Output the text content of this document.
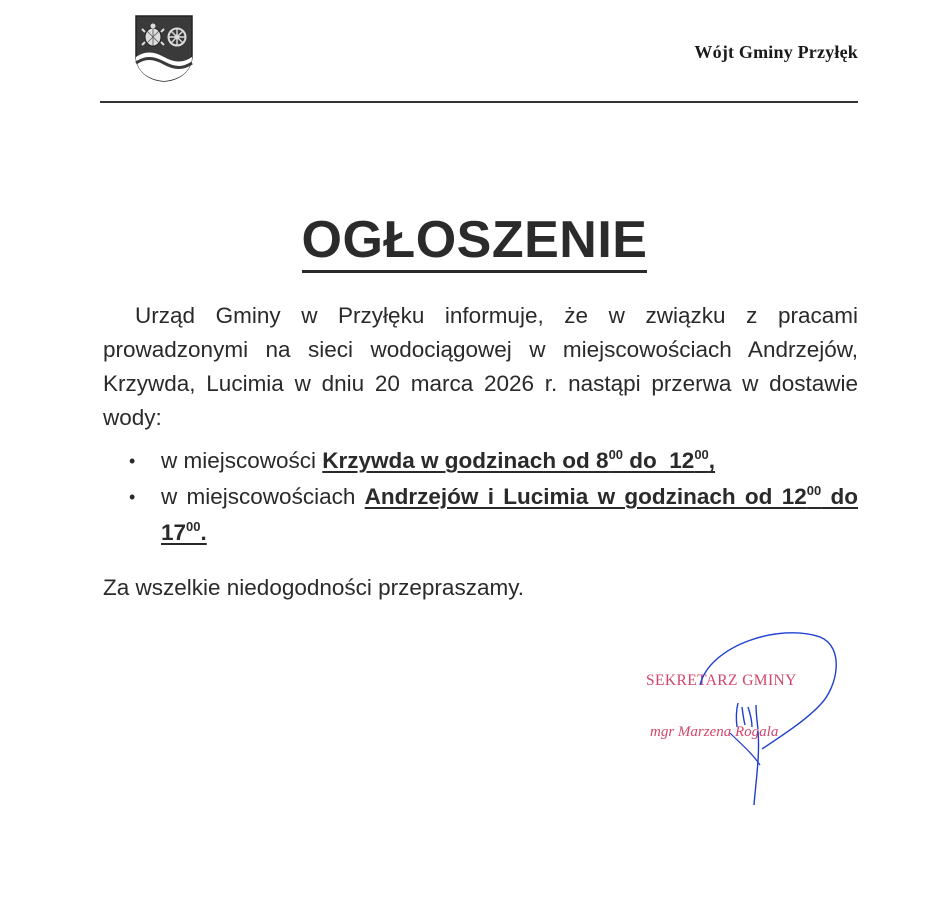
Wójt Gminy Przyłęk
OGŁOSZENIE

Urząd Gminy w Przyłęku informuje, że w związku z pracami prowadzonymi na sieci wodociągowej w miejscowościach Andrzejów, Krzywda, Lucimia w dniu 20 marca 2026 r. nastąpi przerwa w dostawie wody:

• w miejscowości Krzywda w godzinach od $8^{00}$ do  $12^{00}$,
• w miejscowościach Andrzejów i Lucimia w godzinach od $12^{00}$ do $17^{00}$.

Za wszelkie niedogodności przepraszamy.

SEKRETARZ GMINY
mgr Marzena Rogala
